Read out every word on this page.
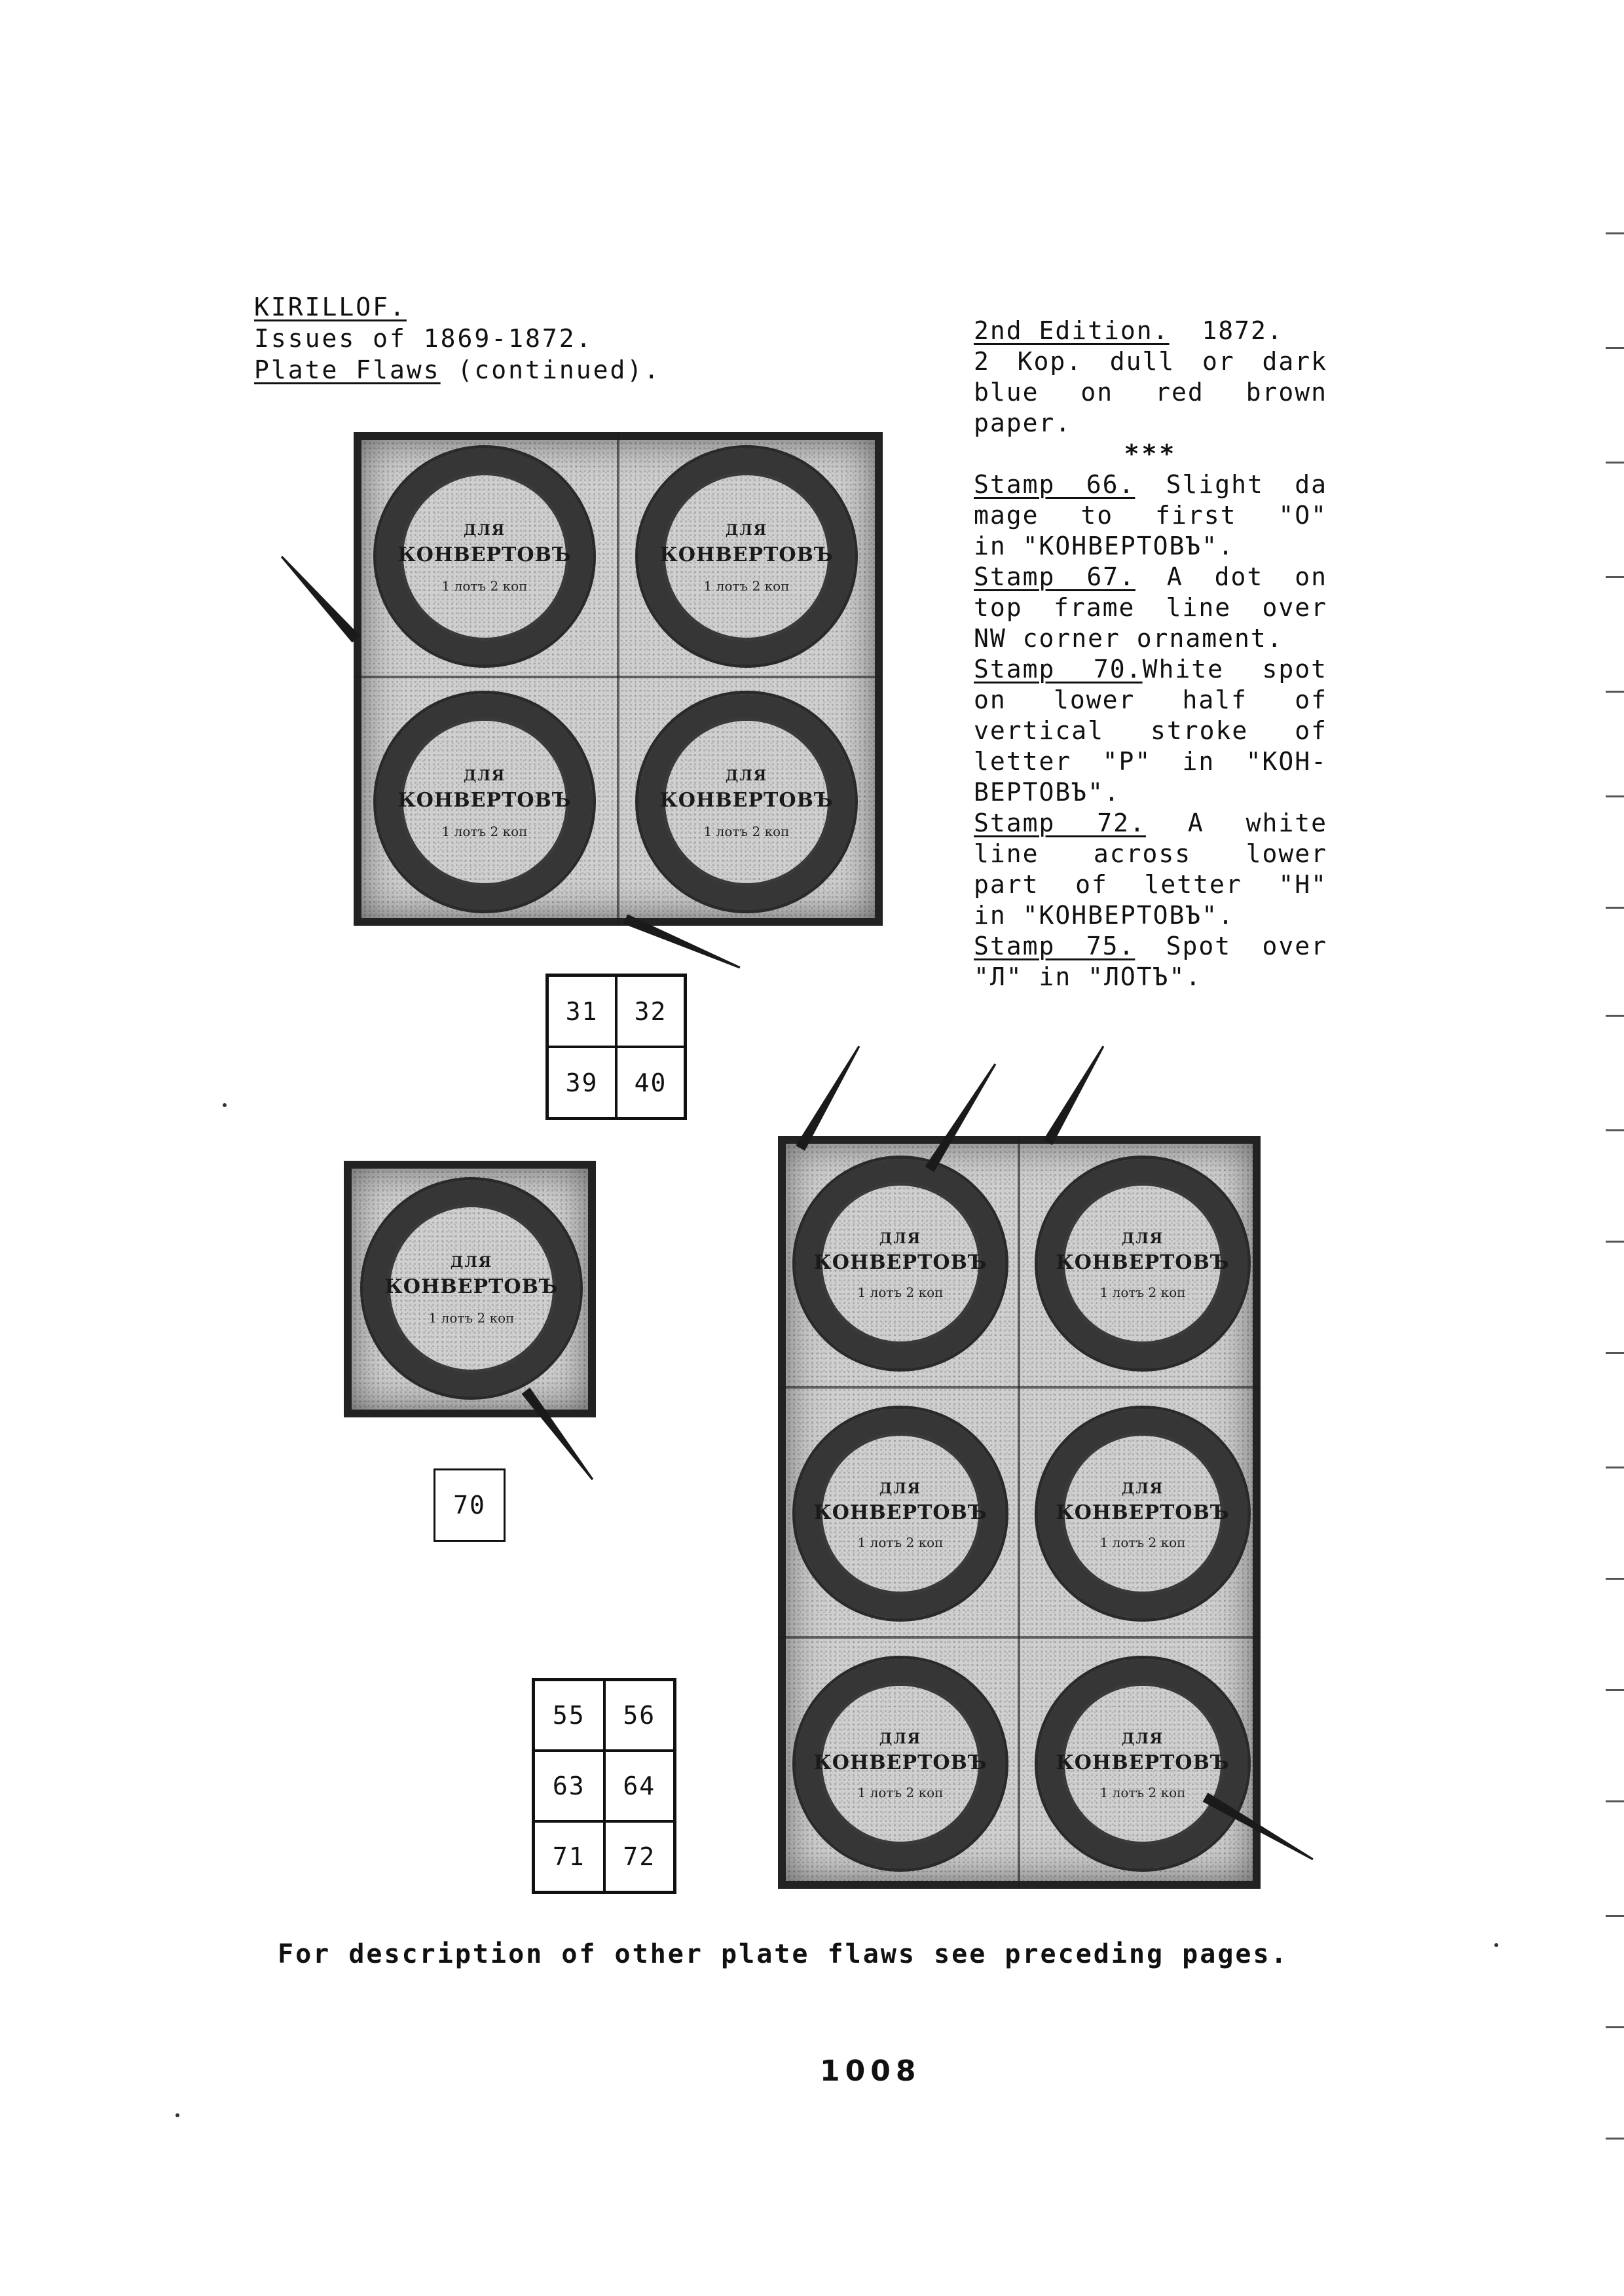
KIRILLOF.
Issues of 1869-1872.
Plate Flaws (continued).
2nd Edition. 1872.
2 Kop. dull or dark
blue on red brown
paper.
***
Stamp 66. Slight da
mage to first "O"
in "КОНВЕРТОВЪ".
Stamp 67. A dot on
top frame line over
NW corner ornament.
Stamp 70.White spot
on lower half of
vertical stroke of
letter "P" in "КОН-
ВЕРТОВЪ".
Stamp 72. A white
line across lower
part of letter "H"
in "КОНВЕРТОВЪ".
Stamp 75. Spot over
"Л" in "ЛОТЪ".
ДЛЯ
КОНВЕРТОВЪ
1 лотъ 2 коп
ДЛЯ
КОНВЕРТОВЪ
1 лотъ 2 коп
ДЛЯ
КОНВЕРТОВЪ
1 лотъ 2 коп
ДЛЯ
КОНВЕРТОВЪ
1 лотъ 2 коп
31	32
39	40
ДЛЯ
КОНВЕРТОВЪ
1 лотъ 2 коп
70
ДЛЯ
КОНВЕРТОВЪ
1 лотъ 2 коп
ДЛЯ
КОНВЕРТОВЪ
1 лотъ 2 коп
ДЛЯ
КОНВЕРТОВЪ
1 лотъ 2 коп
ДЛЯ
КОНВЕРТОВЪ
1 лотъ 2 коп
ДЛЯ
КОНВЕРТОВЪ
1 лотъ 2 коп
ДЛЯ
КОНВЕРТОВЪ
1 лотъ 2 коп
55	56
63	64
71	72
For description of other plate flaws see preceding pages.
1008
